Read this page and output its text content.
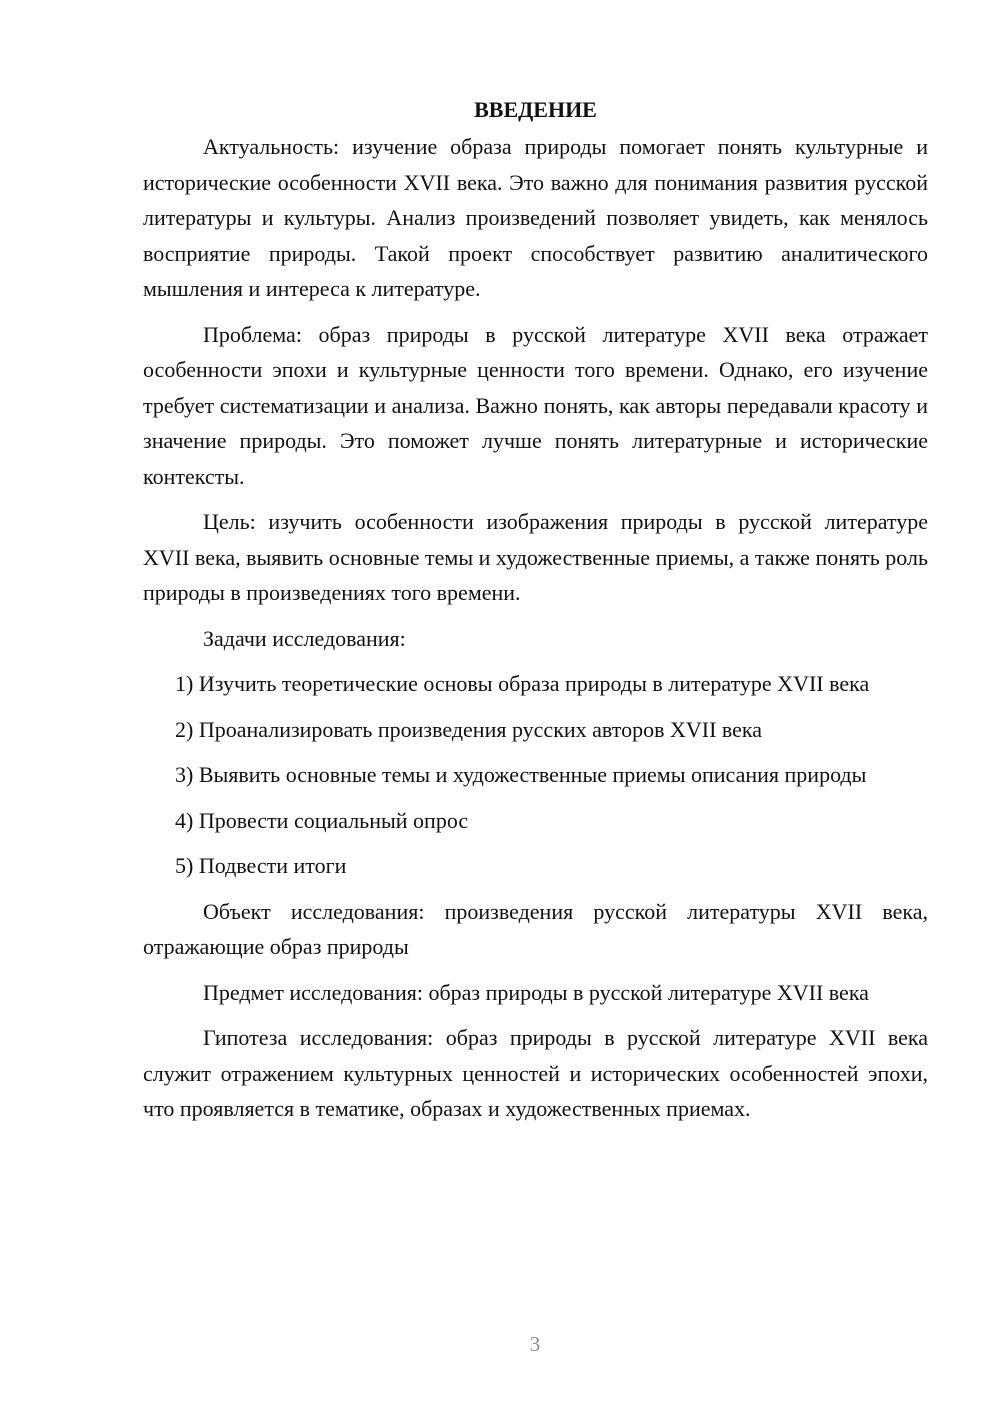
ВВЕДЕНИЕ

Актуальность: изучение образа природы помогает понять культурные и исторические особенности XVII века. Это важно для понимания развития русской литературы и культуры. Анализ произведений позволяет увидеть, как менялось восприятие природы. Такой проект способствует развитию аналитического мышления и интереса к литературе.

Проблема: образ природы в русской литературе XVII века отражает особенности эпохи и культурные ценности того времени. Однако, его изучение требует систематизации и анализа. Важно понять, как авторы передавали красоту и значение природы. Это поможет лучше понять литературные и исторические контексты.

Цель: изучить особенности изображения природы в русской литературе XVII века, выявить основные темы и художественные приемы, а также понять роль природы в произведениях того времени.

Задачи исследования:

1) Изучить теоретические основы образа природы в литературе XVII века

2) Проанализировать произведения русских авторов XVII века

3) Выявить основные темы и художественные приемы описания природы

4) Провести социальный опрос

5) Подвести итоги

Объект исследования: произведения русской литературы XVII века, отражающие образ природы

Предмет исследования: образ природы в русской литературе XVII века

Гипотеза исследования: образ природы в русской литературе XVII века служит отражением культурных ценностей и исторических особенностей эпохи, что проявляется в тематике, образах и художественных приемах.

3
